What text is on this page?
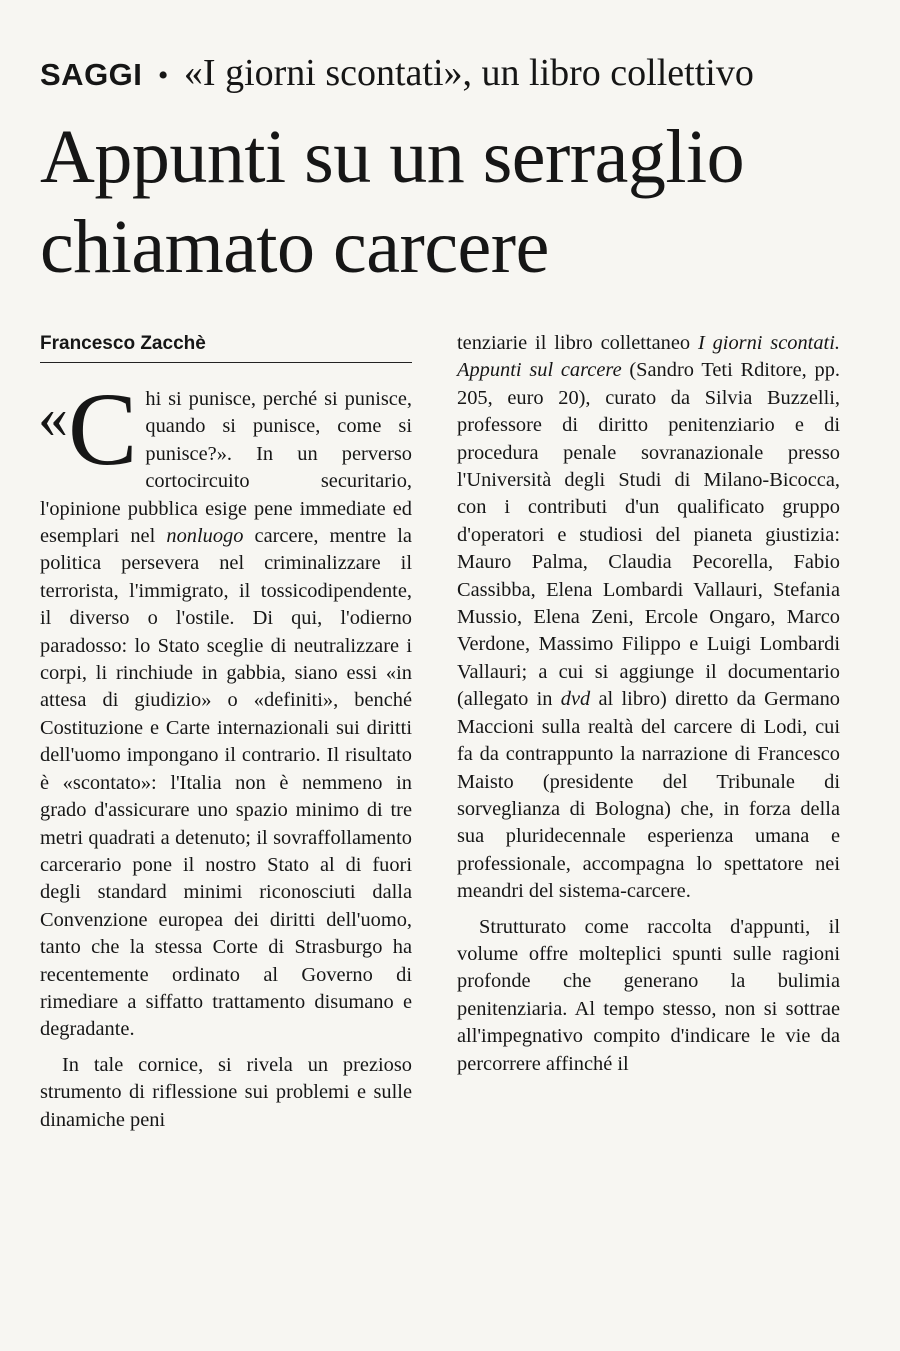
SAGGI • «I giorni scontati», un libro collettivo
Appunti su un serraglio
chiamato carcere
Francesco Zacchè

« C hi si punisce, perché si punisce, quando si punisce, come si punisce?». In un perverso cortocircuito securitario, l'opinione pubblica esige pene immediate ed esemplari nel nonluogo carcere, mentre la politica persevera nel criminalizzare il terrorista, l'immigrato, il tossicodipendente, il diverso o l'ostile. Di qui, l'odierno paradosso: lo Stato sceglie di neutralizzare i corpi, li rinchiude in gabbia, siano essi «in attesa di giudizio» o «definiti», benché Costituzione e Carte internazionali sui diritti dell'uomo impongano il contrario. Il risultato è «scontato»: l'Italia non è nemmeno in grado d'assicurare uno spazio minimo di tre metri quadrati a detenuto; il sovraffollamento carcerario pone il nostro Stato al di fuori degli standard minimi riconosciuti dalla Convenzione europea dei diritti dell'uomo, tanto che la stessa Corte di Strasburgo ha recentemente ordinato al Governo di rimediare a siffatto trattamento disumano e degradante.

In tale cornice, si rivela un prezioso strumento di riflessione sui problemi e sulle dinamiche peni

tenziarie il libro collettaneo I giorni scontati. Appunti sul carcere (Sandro Teti Rditore, pp. 205, euro 20), curato da Silvia Buzzelli, professore di diritto penitenziario e di procedura penale sovranazionale presso l'Università degli Studi di Milano-Bicocca, con i contributi d'un qualificato gruppo d'operatori e studiosi del pianeta giustizia: Mauro Palma, Claudia Pecorella, Fabio Cassibba, Elena Lombardi Vallauri, Stefania Mussio, Elena Zeni, Ercole Ongaro, Marco Verdone, Massimo Filippo e Luigi Lombardi Vallauri; a cui si aggiunge il documentario (allegato in dvd al libro) diretto da Germano Maccioni sulla realtà del carcere di Lodi, cui fa da contrappunto la narrazione di Francesco Maisto (presidente del Tribunale di sorveglianza di Bologna) che, in forza della sua pluridecennale esperienza umana e professionale, accompagna lo spettatore nei meandri del sistema-carcere.

Strutturato come raccolta d'appunti, il volume offre molteplici spunti sulle ragioni profonde che generano la bulimia penitenziaria. Al tempo stesso, non si sottrae all'impegnativo compito d'indicare le vie da percorrere affinché il
